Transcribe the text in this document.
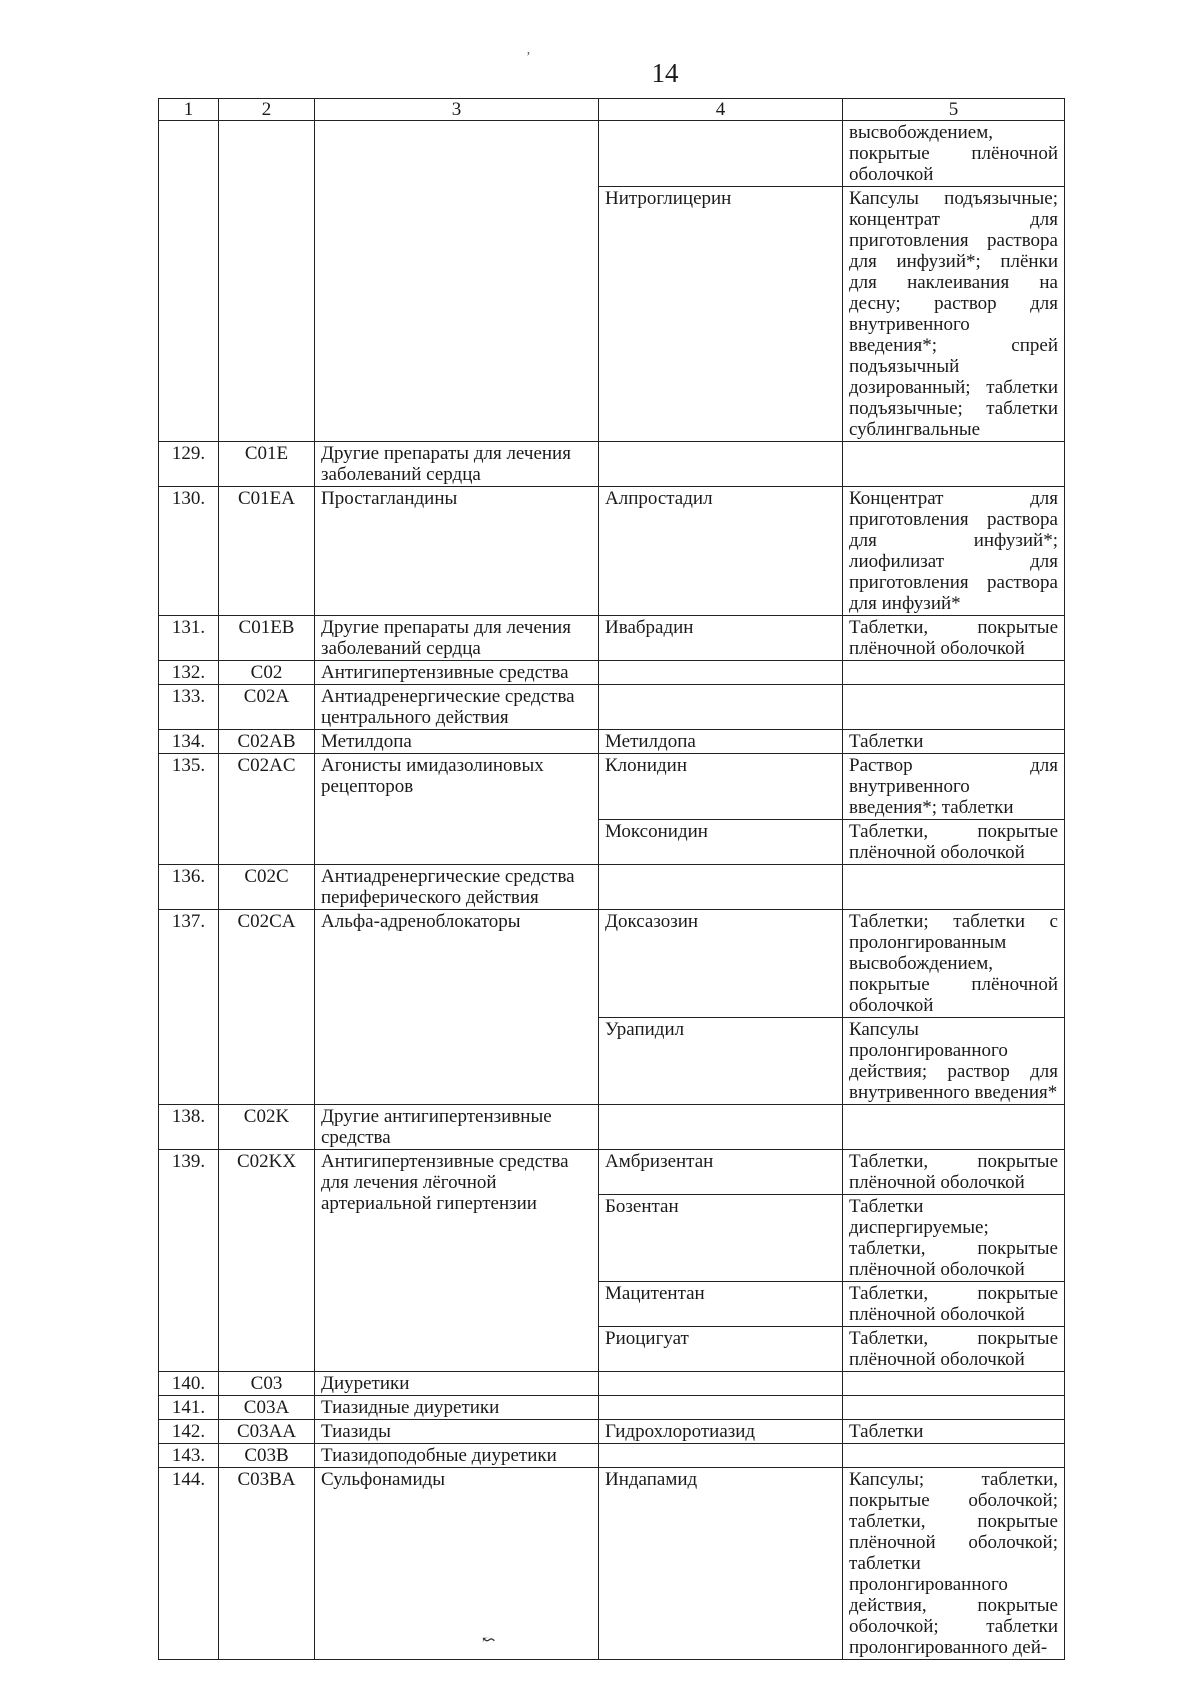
’
14
1	2	3	4	5
				высвобождением, покрытые плёночной оболочкой
			Нитроглицерин	Капсулы подъязычные; концентрат для приготовления раствора для инфузий*; плёнки для наклеивания на десну; раствор для внутривенного введения*; спрей подъязычный дозированный; таблетки подъязычные; таблетки сублингвальные
129.	C01E	Другие препараты для лечения заболеваний сердца		
130.	C01EA	Простагландины	Алпростадил	Концентрат для приготовления раствора для инфузий*; лиофилизат для приготовления раствора для инфузий*
131.	C01EB	Другие препараты для лечения заболеваний сердца	Ивабрадин	Таблетки, покрытые плёночной оболочкой
132.	C02	Антигипертензивные средства		
133.	C02A	Антиадренергические средства центрального действия		
134.	C02AB	Метилдопа	Метилдопа	Таблетки
135.	C02AC	Агонисты имидазолиновых рецепторов	Клонидин	Раствор для внутривенного введения*; таблетки
			Моксонидин	Таблетки, покрытые плёночной оболочкой
136.	C02C	Антиадренергические средства периферического действия		
137.	C02CA	Альфа-адреноблокаторы	Доксазозин	Таблетки; таблетки с пролонгированным высвобождением, покрытые плёночной оболочкой
			Урапидил	Капсулы пролонгированного действия; раствор для внутривенного введения*
138.	C02K	Другие антигипертензивные средства		
139.	C02KX	Антигипертензивные средства для лечения лёгочной артериальной гипертензии	Амбризентан	Таблетки, покрытые плёночной оболочкой
			Бозентан	Таблетки диспергируемые; таблетки, покрытые плёночной оболочкой
			Мацитентан	Таблетки, покрытые плёночной оболочкой
			Риоцигуат	Таблетки, покрытые плёночной оболочкой
140.	C03	Диуретики		
141.	C03A	Тиазидные диуретики		
142.	C03AA	Тиазиды	Гидрохлоротиазид	Таблетки
143.	C03B	Тиазидоподобные диуретики		
144.	C03BA	Сульфонамиды	Индапамид	Капсулы; таблетки, покрытые оболочкой; таблетки, покрытые плёночной оболочкой; таблетки пролонгированного действия, покрытые оболочкой; таблетки пролонгированного дей-
↜
